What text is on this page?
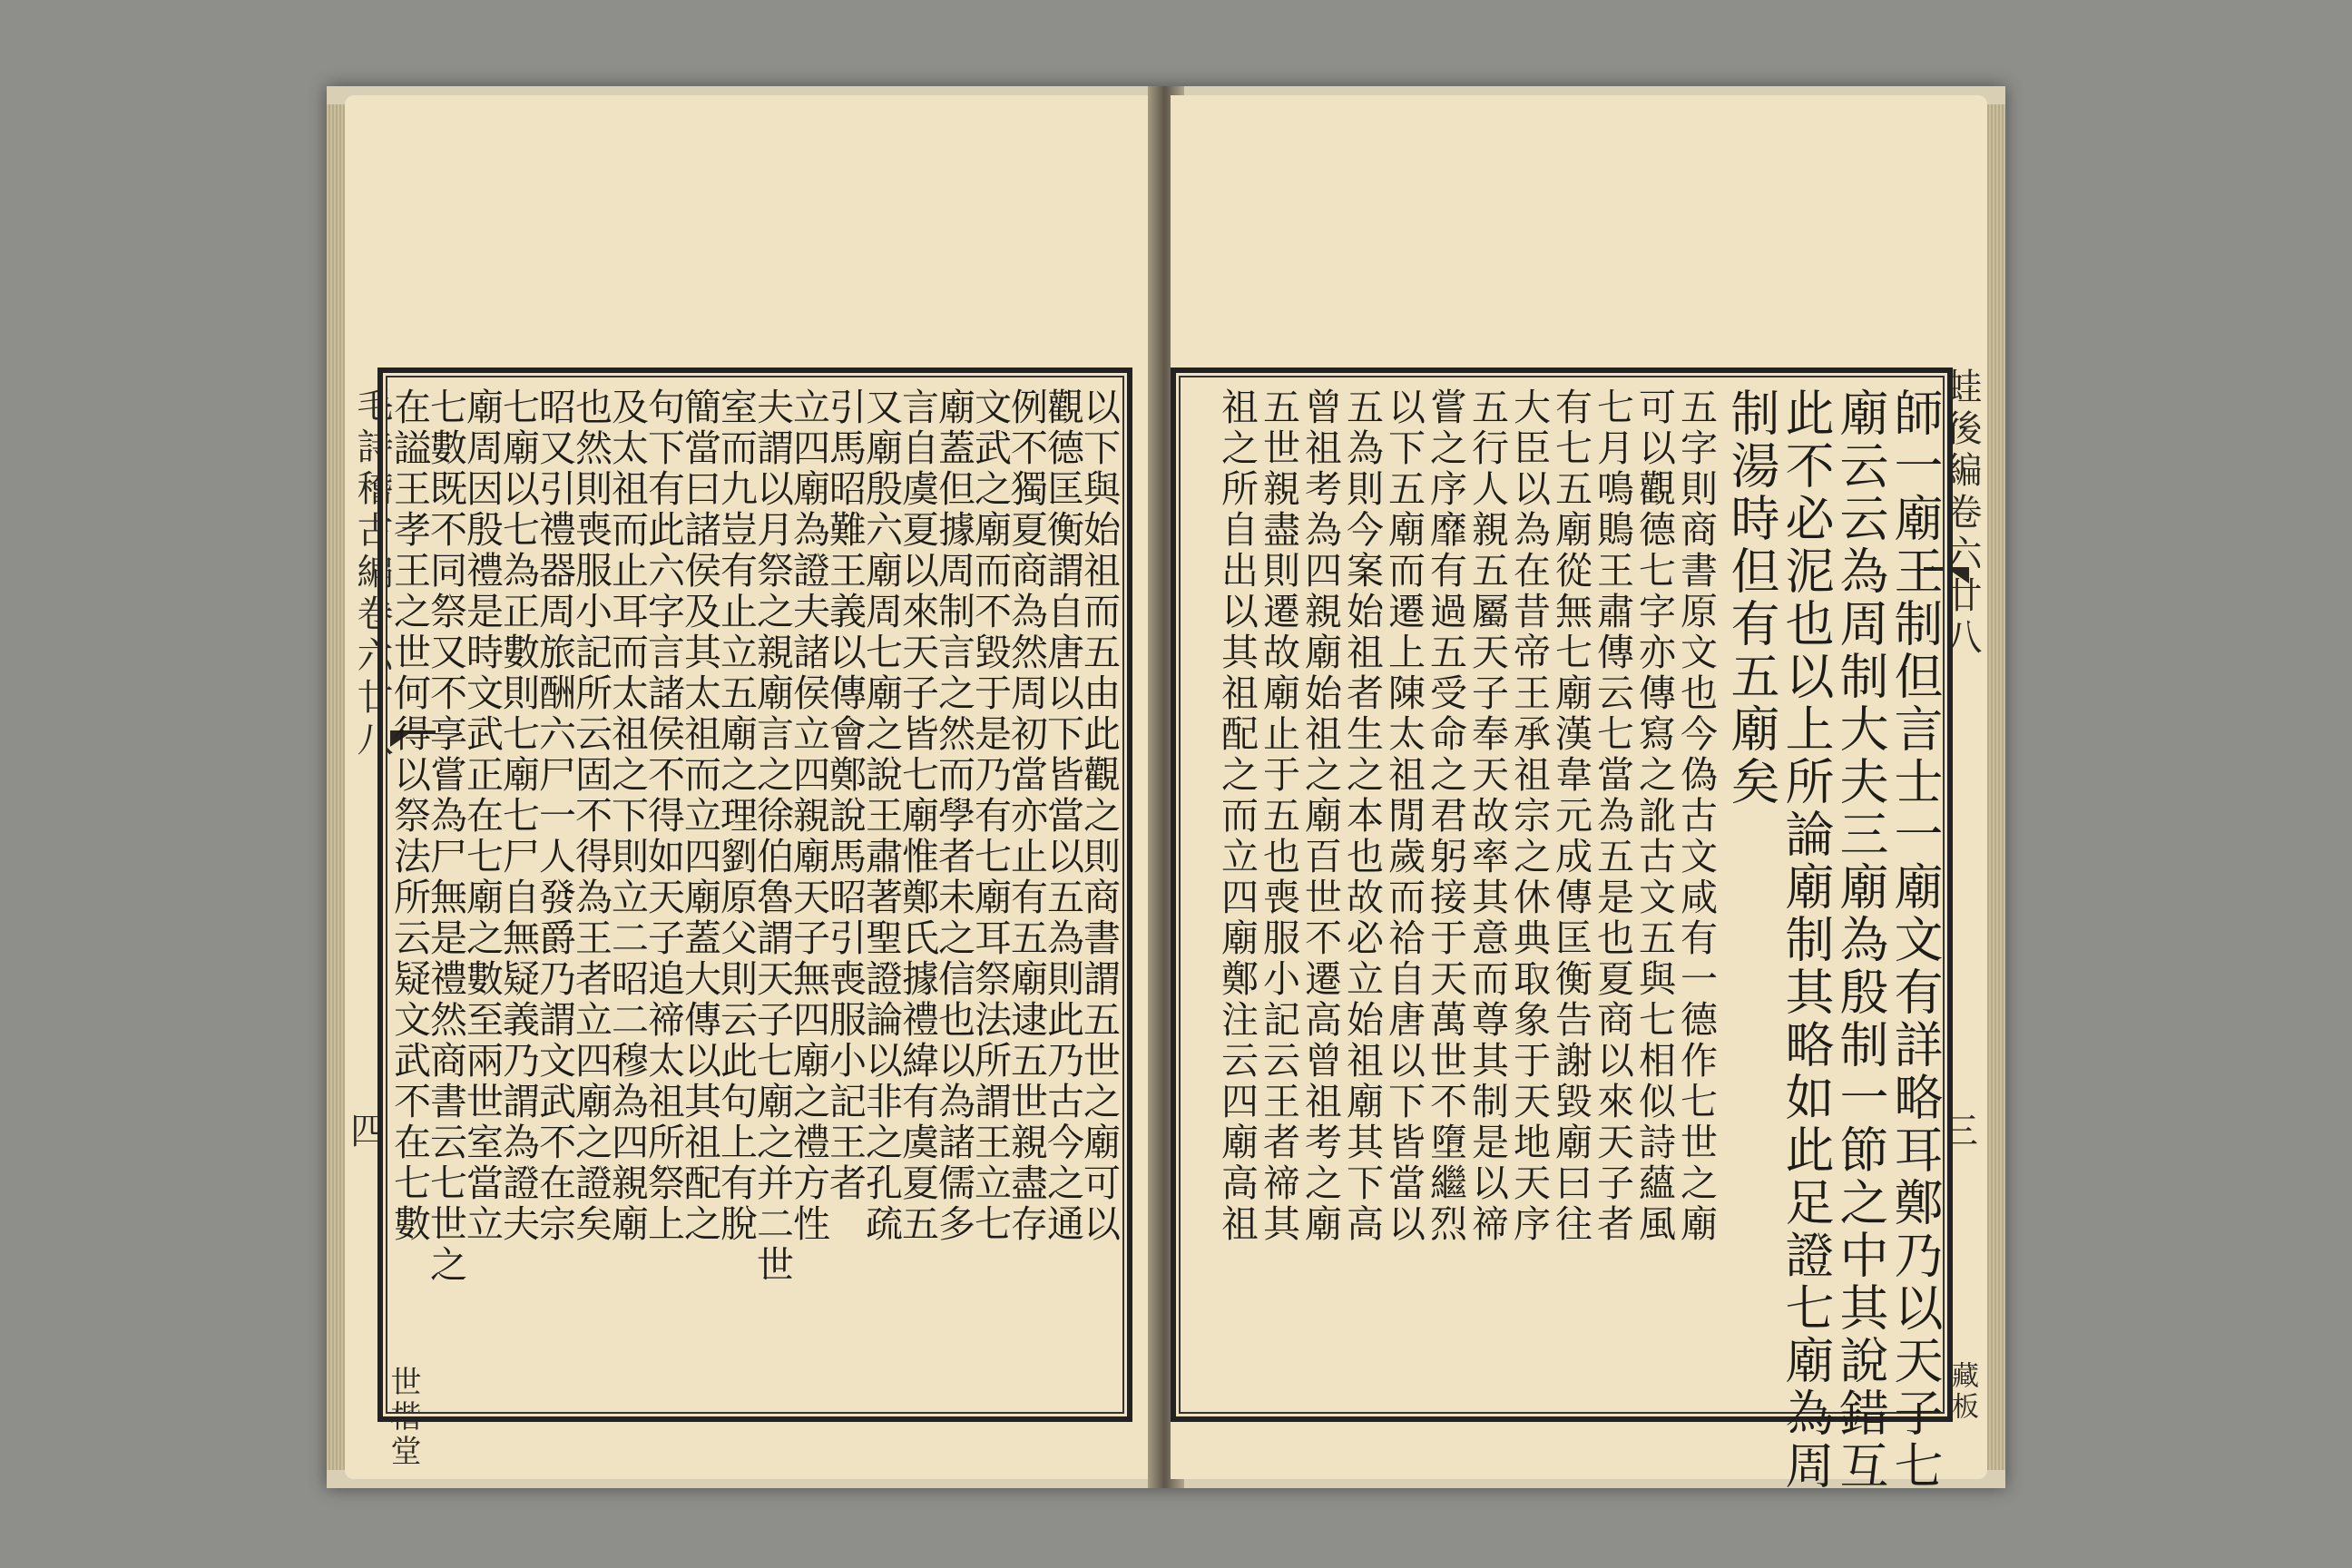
毛詩稽古編卷六廿八
四
世楷堂
以下與始祖而五由此觀之則商書謂五世之廟可以
觀德匡衡謂自唐以下皆當以五為則此乃古今之通
例不獨夏商為然周初當亦止有五廟逮五世親盡存
文武之廟而不毀于是乃有七廟耳祭法所謂王立七
廟蓋但據周制言之然而學者未之信也以為諸儒多
言自虞夏以來天子皆七廟惟鄭氏據禮緯有虞夏五
又廟殷六廟周七廟之說王肅著聖證論以非之孔疏
引馬昭難王義以傳會鄭說馬昭引喪服小記王者
立四廟為證夫諸侯立四親廟天子無四廟之禮方性
夫謂以月祭之親廟言之徐伯魯謂天子七廟之并二世
室而九豈有止立五廟之理劉原父則云此句上有脫
簡當曰諸侯及其太祖而立四廟蓋大傳以其祖配之
句下有此六字言諸侯不得如天子追禘太祖所祭上
及太祖而止耳而太祖之下則立二昭二穆為四親廟
也然則喪服小記所云固不得為王者立四廟之證矣
昭又引禮器周旅酬六尸一人發爵乃謂文武不在宗
七廟以七為正數則七廟七尸自無疑義乃謂為證夫
廟周因殷禮是時文武正在七廟之數至兩世室當立
七數既不同祭又不享嘗為尸無是禮然商書云七世之
在謚王孝王之世何得以祭法所云疑文武不在七數	蛙後編卷六廿八
三
藏板
師一廟王制但言士一廟文有詳略耳鄭乃以天子七
廟云云為周制大夫三廟為殷制一節之中其說錯互
此不必泥也以上所論廟制其略如此足證七廟為周
制湯時但有五廟矣
五字則商書原文也今偽古文咸有一德作七世之廟
可以觀德七字亦傳寫之訛古文五與七相似詩蘊風
七月鳴鵙王肅傳云七當為五是也夏商以來天子者
有七五廟從無七廟漢韋元成傳匡衡告謝毀廟曰往
大臣以為在昔帝王承祖宗之休典取象于天地天序
五行人親五屬天子奉天故率其意而尊其制是以禘
嘗之序靡有過五受命之君躬接于天萬世不墮繼烈
以下五廟而遷上陳太祖閒歲而祫自唐以下皆當以
五為則今案始祖者生之本也故必立始祖廟其下高
曾祖考為四親廟始祖之廟百世不遷高曾祖考之廟
五世親盡則遷故廟止于五也喪服小記云王者禘其
祖之所自出以其祖配之而立四廟鄭注云四廟高祖
